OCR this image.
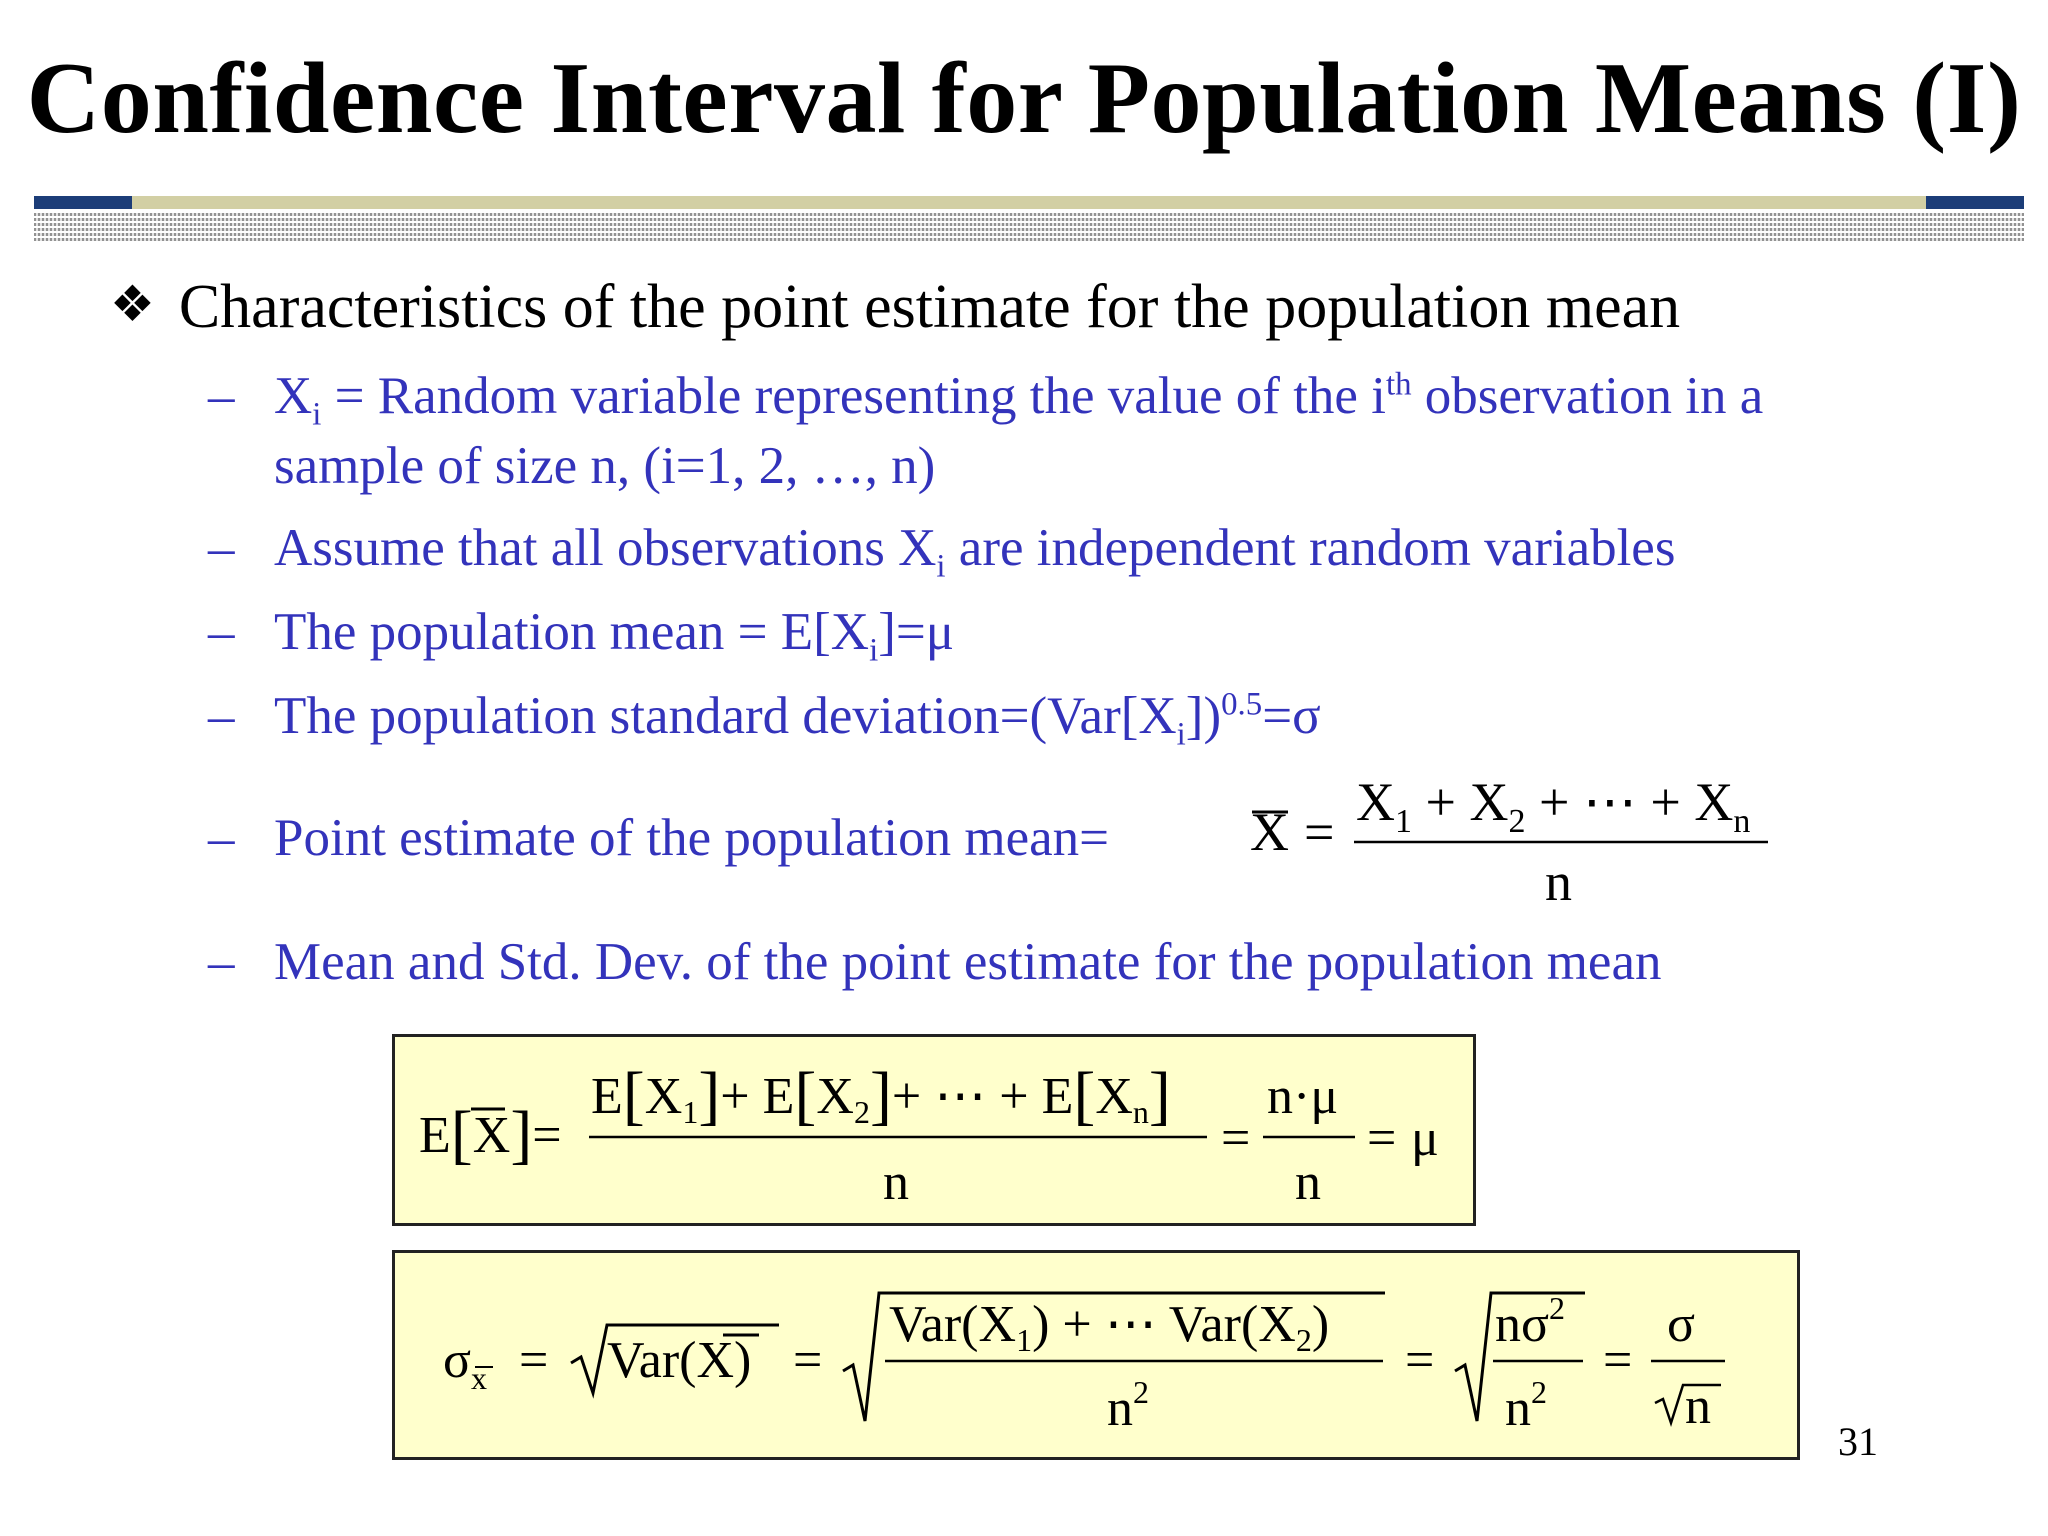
Confidence Interval for Population Means (I)
❖ Characteristics of the point estimate for the population mean
– $X_i$ = Random variable representing the value of the $i^{th}$ observation in a
sample of size n, (i=1, 2, …, n)
– Assume that all observations $X_i$ are independent random variables
– The population mean = $E[X_i]=\mu$
– The population standard $deviation=(Var[X_i])^{0.5}=\sigma$
– Point estimate of the population mean=	$X = X_1 + X_2$ + ⋯ + $X_n$
n
– Mean and Std. Dev. of the point estimate for the population mean
E[X]=
E[X1]+ E[X2]+ ⋯ + E[Xn]
n
=
n·μ
n
= μ
$\sigma_x = Var(X)$ =
Var(X1) + ⋯ Var(X2)
$n^2$
=
$n\sigma^2$
$n^2$
=
σ
n
31
